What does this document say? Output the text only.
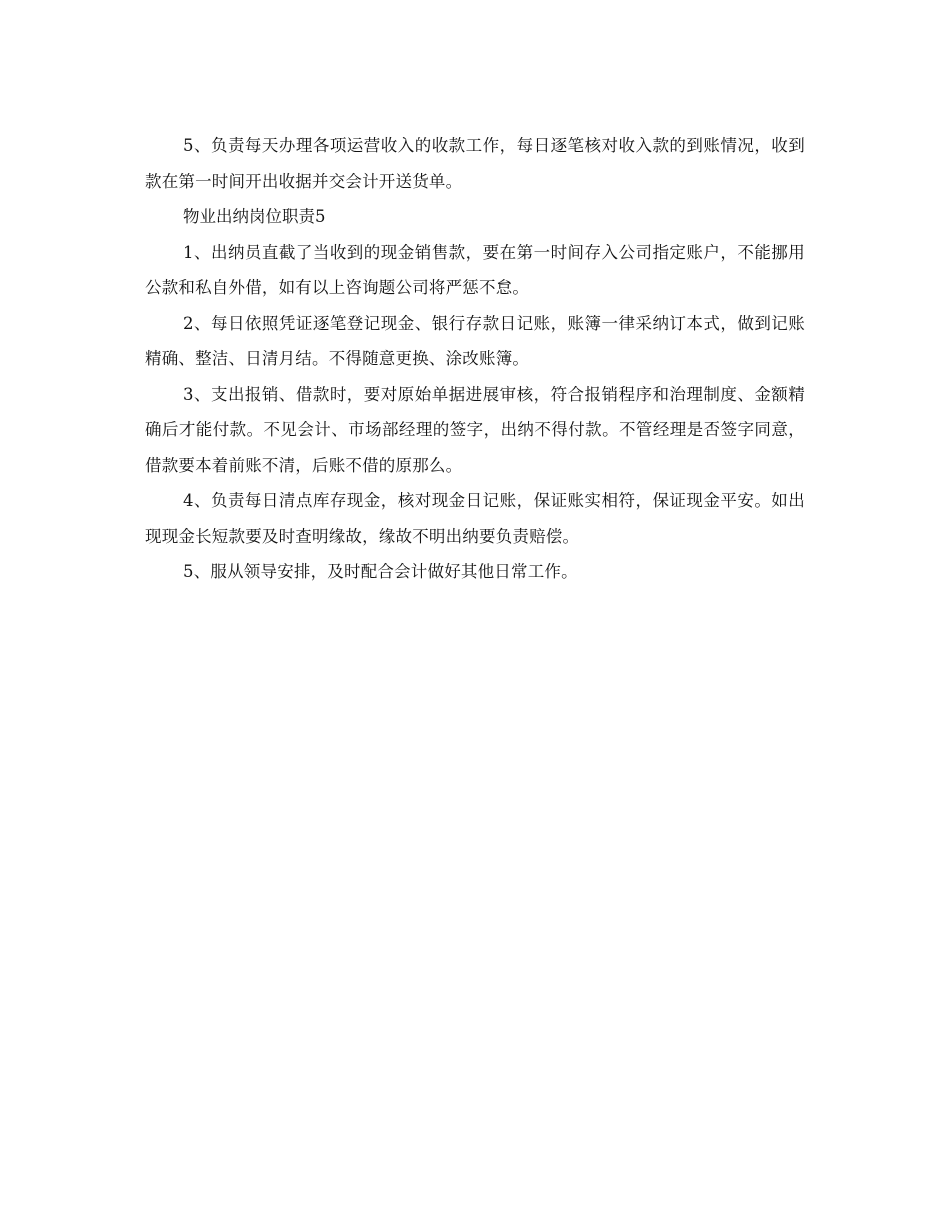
5、负责每天办理各项运营收入的收款工作，每日逐笔核对收入款的到账情况，收到款在第一时间开出收据并交会计开送货单。

物业出纳岗位职责5

1、出纳员直截了当收到的现金销售款，要在第一时间存入公司指定账户，不能挪用公款和私自外借，如有以上咨询题公司将严惩不怠。

2、每日依照凭证逐笔登记现金、银行存款日记账，账簿一律采纳订本式，做到记账精确、整洁、日清月结。不得随意更换、涂改账簿。

3、支出报销、借款时，要对原始单据进展审核，符合报销程序和治理制度、金额精确后才能付款。不见会计、市场部经理的签字，出纳不得付款。不管经理是否签字同意，借款要本着前账不清，后账不借的原那么。

4、负责每日清点库存现金，核对现金日记账，保证账实相符，保证现金平安。如出现现金长短款要及时查明缘故，缘故不明出纳要负责赔偿。

5、服从领导安排，及时配合会计做好其他日常工作。
